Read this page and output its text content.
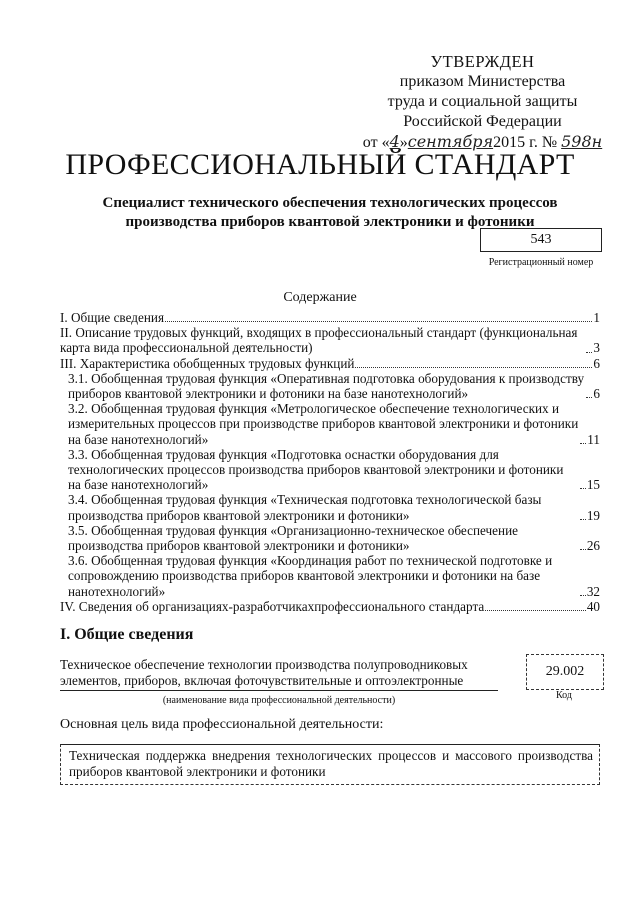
УТВЕРЖДЕН
приказом Министерства
труда и социальной защиты
Российской Федерации
от «4»сентября2015 г. № 598н
ПРОФЕССИОНАЛЬНЫЙ СТАНДАРТ
Специалист технического обеспечения технологических процессов производства приборов квантовой электроники и фотоники
543
Регистрационный номер
Содержание
I. Общие сведения	1
II. Описание трудовых функций, входящих в профессиональный стандарт (функциональная карта вида профессиональной деятельности)	3
III. Характеристика обобщенных трудовых функций	6
3.1. Обобщенная трудовая функция «Оперативная подготовка оборудования к производству приборов квантовой электроники и фотоники на базе нанотехнологий»	6
3.2. Обобщенная трудовая функция «Метрологическое обеспечение технологических и измерительных процессов при производстве приборов квантовой электроники и фотоники на базе нанотехнологий»	11
3.3. Обобщенная трудовая функция «Подготовка оснастки оборудования для технологических процессов производства приборов квантовой электроники и фотоники на базе нанотехнологий»	15
3.4. Обобщенная трудовая функция «Техническая подготовка технологической базы производства приборов квантовой электроники и фотоники»	19
3.5. Обобщенная трудовая функция «Организационно-техническое обеспечение производства приборов квантовой электроники и фотоники»	26
3.6. Обобщенная трудовая функция «Координация работ по технической подготовке и сопровождению производства приборов квантовой электроники и фотоники на базе нанотехнологий»	32
IV. Сведения об организациях-разработчикахпрофессионального стандарта	40
I. Общие сведения
Техническое обеспечение технологии производства полупроводниковых элементов, приборов, включая фоточувствительные и оптоэлектронные
(наименование вида профессиональной деятельности)
29.002
Код
Основная цель вида профессиональной деятельности:
Техническая поддержка внедрения технологических процессов и массового производства приборов квантовой электроники и фотоники
